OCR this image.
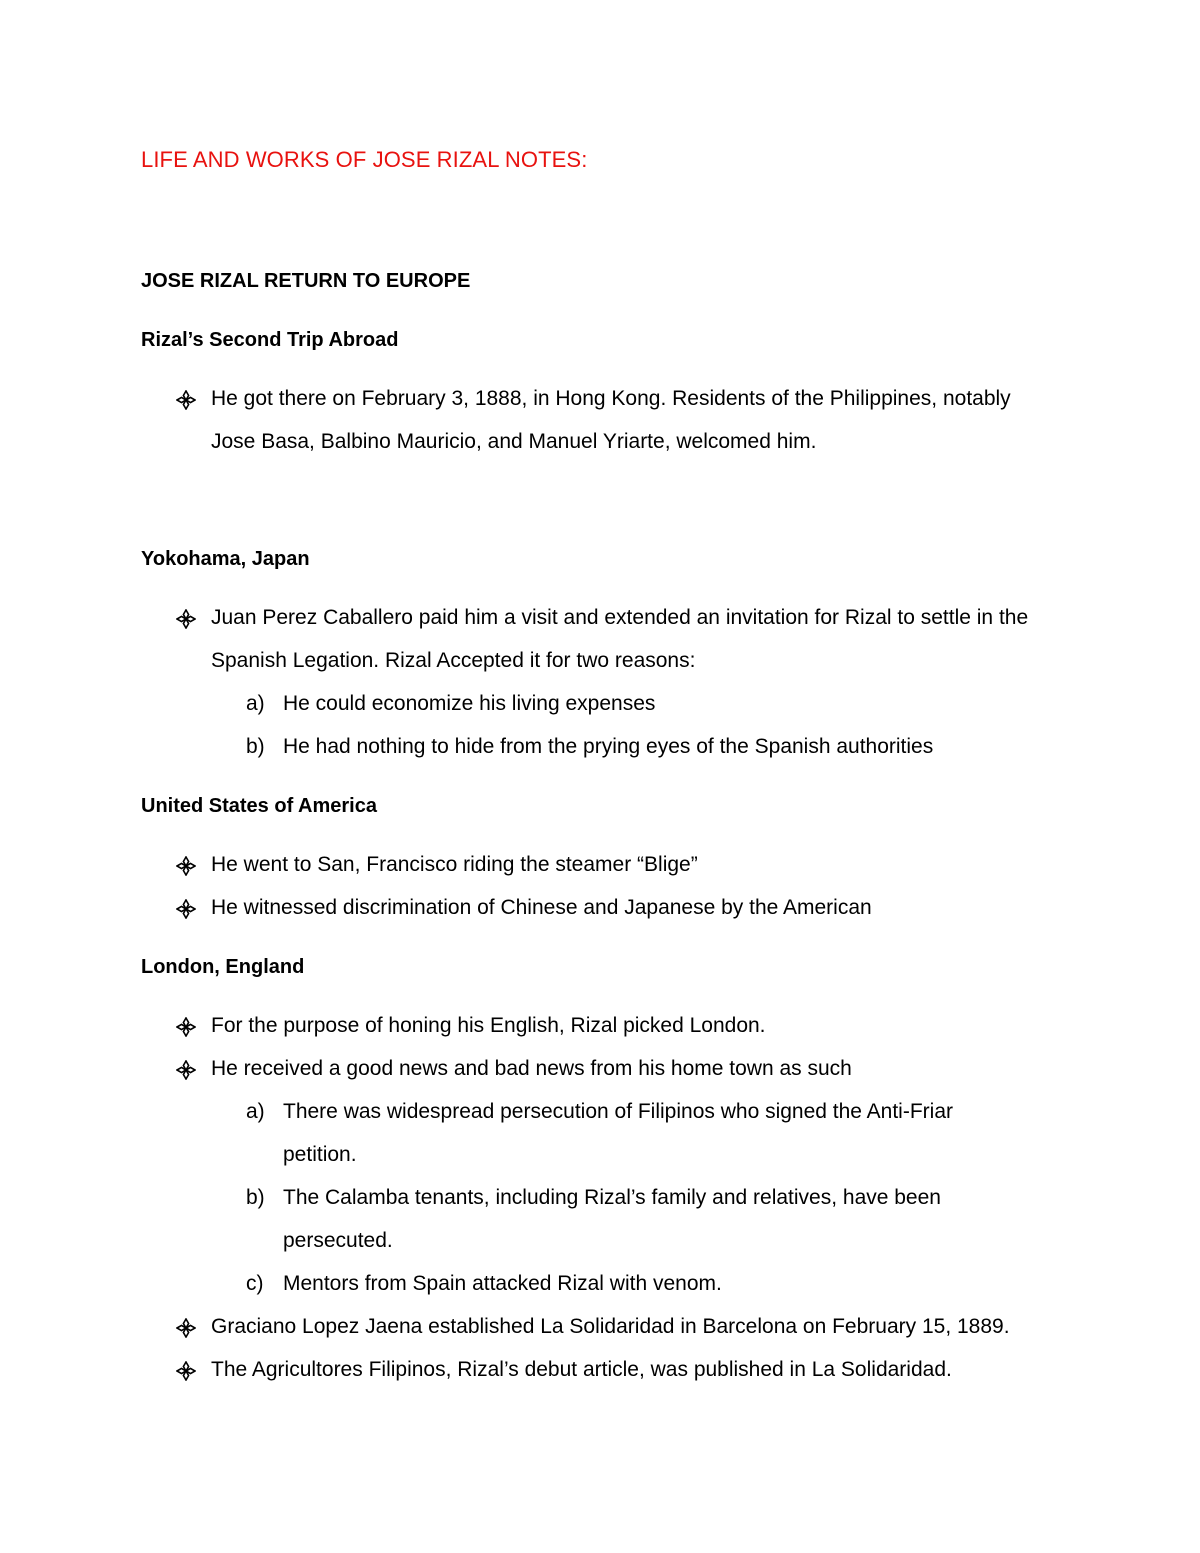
LIFE AND WORKS OF JOSE RIZAL NOTES:
JOSE RIZAL RETURN TO EUROPE
Rizal’s Second Trip Abroad
He got there on February 3, 1888, in Hong Kong. Residents of the Philippines, notably
Jose Basa, Balbino Mauricio, and Manuel Yriarte, welcomed him.
Yokohama, Japan
Juan Perez Caballero paid him a visit and extended an invitation for Rizal to settle in the
Spanish Legation. Rizal Accepted it for two reasons:
a) He could economize his living expenses
b) He had nothing to hide from the prying eyes of the Spanish authorities
United States of America
He went to San, Francisco riding the steamer “Blige”
He witnessed discrimination of Chinese and Japanese by the American
London, England
For the purpose of honing his English, Rizal picked London.
He received a good news and bad news from his home town as such
a) There was widespread persecution of Filipinos who signed the Anti-Friar
petition.
b) The Calamba tenants, including Rizal’s family and relatives, have been
persecuted.
c) Mentors from Spain attacked Rizal with venom.
Graciano Lopez Jaena established La Solidaridad in Barcelona on February 15, 1889.
The Agricultores Filipinos, Rizal’s debut article, was published in La Solidaridad.
